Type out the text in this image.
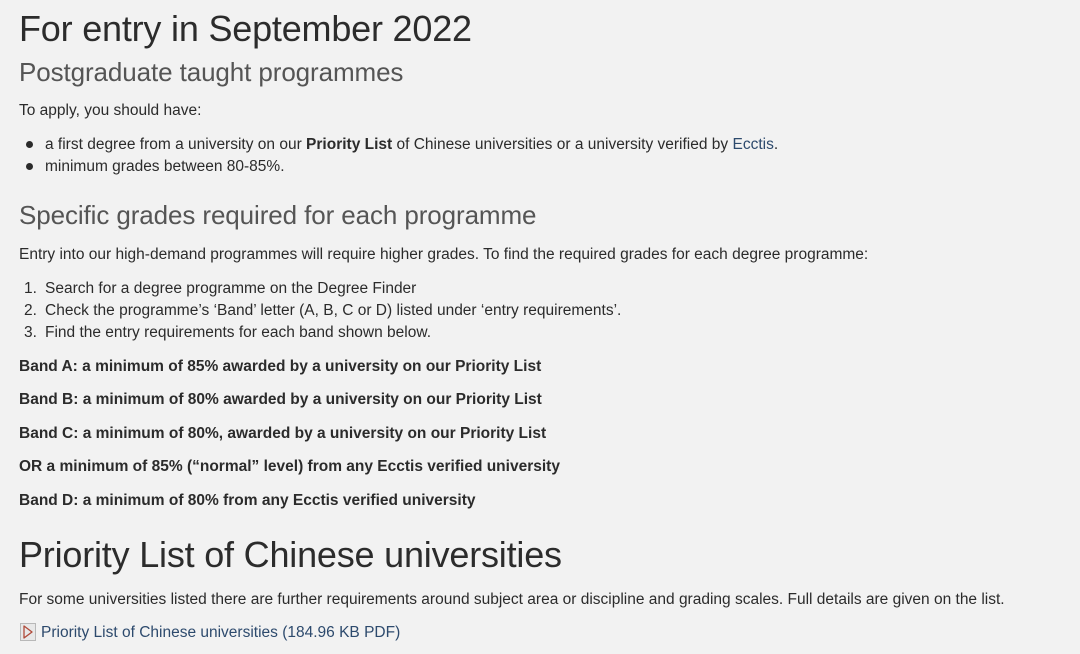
For entry in September 2022
Postgraduate taught programmes
To apply, you should have:
a first degree from a university on our Priority List of Chinese universities or a university verified by Ecctis.
minimum grades between 80-85%.
Specific grades required for each programme
Entry into our high-demand programmes will require higher grades. To find the required grades for each degree programme:
1. Search for a degree programme on the Degree Finder
2. Check the programme’s ‘Band’ letter (A, B, C or D) listed under ‘entry requirements’.
3. Find the entry requirements for each band shown below.
Band A: a minimum of 85% awarded by a university on our Priority List
Band B: a minimum of 80% awarded by a university on our Priority List
Band C: a minimum of 80%, awarded by a university on our Priority List
OR a minimum of 85% (“normal” level) from any Ecctis verified university
Band D: a minimum of 80% from any Ecctis verified university
Priority List of Chinese universities
For some universities listed there are further requirements around subject area or discipline and grading scales. Full details are given on the list.
Priority List of Chinese universities (184.96 KB PDF)
